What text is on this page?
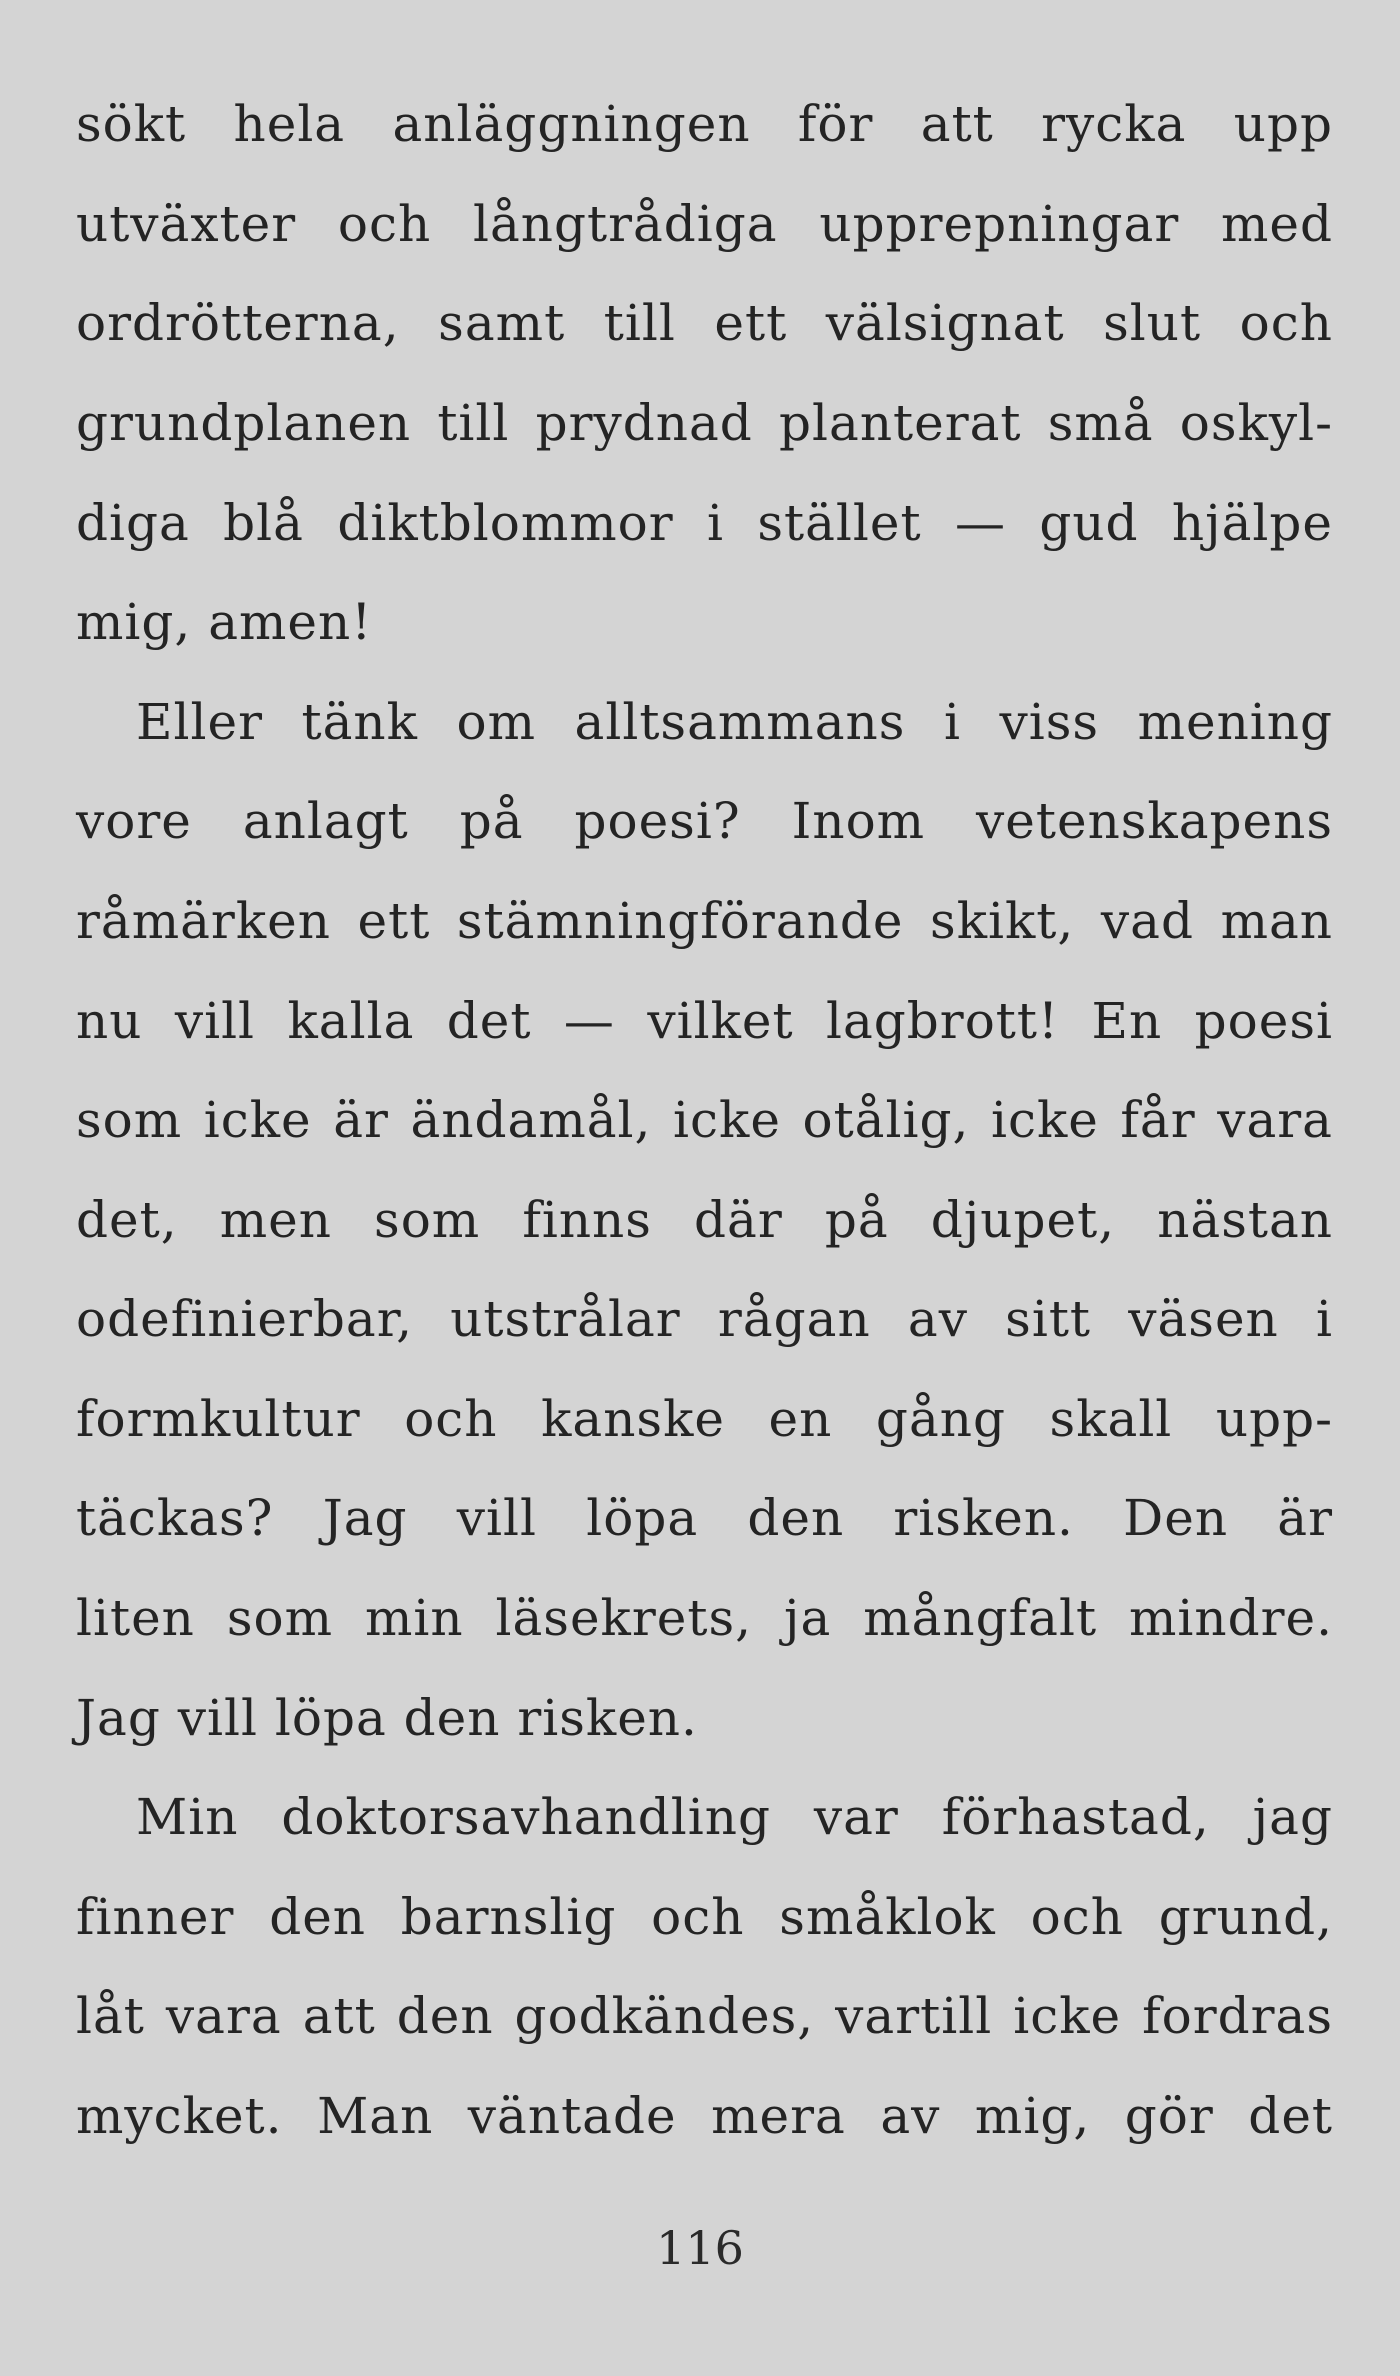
sökt hela anläggningen för att rycka upp
utväxter och långtrådiga upprepningar med
ordrötterna, samt till ett välsignat slut och
grundplanen till prydnad planterat små oskyl-
diga blå diktblommor i stället — gud hjälpe
mig, amen!
Eller tänk om alltsammans i viss mening
vore anlagt på poesi? Inom vetenskapens
råmärken ett stämningförande skikt, vad man
nu vill kalla det — vilket lagbrott! En poesi
som icke är ändamål, icke otålig, icke får vara
det, men som finns där på djupet, nästan
odefinierbar, utstrålar rågan av sitt väsen i
formkultur och kanske en gång skall upp-
täckas? Jag vill löpa den risken. Den är
liten som min läsekrets, ja mångfalt mindre.
Jag vill löpa den risken.
Min doktorsavhandling var förhastad, jag
finner den barnslig och småklok och grund,
låt vara att den godkändes, vartill icke fordras
mycket. Man väntade mera av mig, gör det
116
